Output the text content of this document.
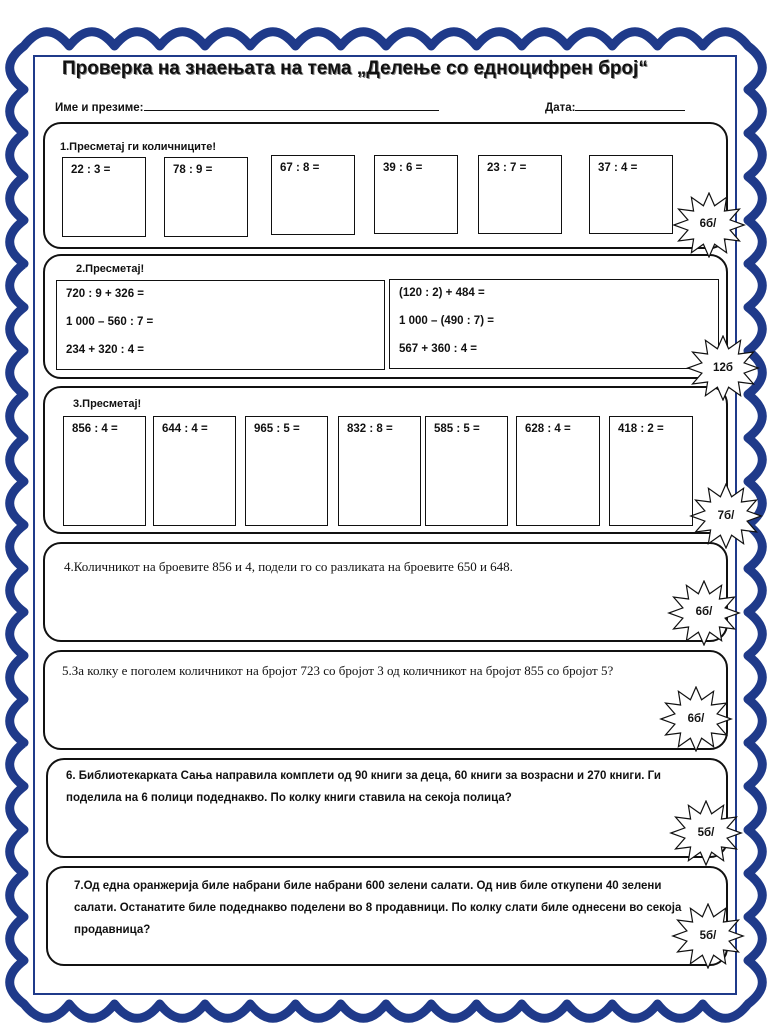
Проверка на знаењата на тема „Делење со едноцифрен број“
Име и презиме:	Дата:
1.Пресметај ги количниците!
22 : 3 =	78 : 9 =	67 : 8 =	39 : 6 =	23 : 7 =	37 : 4 =
2.Пресметај!
720 : 9 + 326 =
1 000 – 560 : 7 =
234 + 320 : 4 =
(120 : 2) + 484 =
1 000 – (490 : 7) =
567 + 360 : 4 =
3.Пресметај!
856 : 4 =	644 : 4 =	965 : 5 =	832 : 8 =	585 : 5 =	628 : 4 =	418 : 2 =
4.Количникот на броевите 856 и 4, подели го со разликата на броевите 650 и 648.
5.За колку е поголем количникот на бројот 723 со бројот 3 од количникот на бројот 855 со бројот 5?
6. Библиотекарката Сања направила комплети од 90 книги за деца, 60 книги за возрасни и 270 книги. Ги поделила на 6 полици подеднакво. По колку книги ставила на секоја полица?
7.Од една оранжерија биле набрани биле набрани 600 зелени салати. Од нив биле откупени 40 зелени салати. Останатите биле подеднакво поделени во 8 продавници. По колку слати биле однесени во секоја продавница?
6б/
12б
7б/
6б/
6б/
5б/
5б/
